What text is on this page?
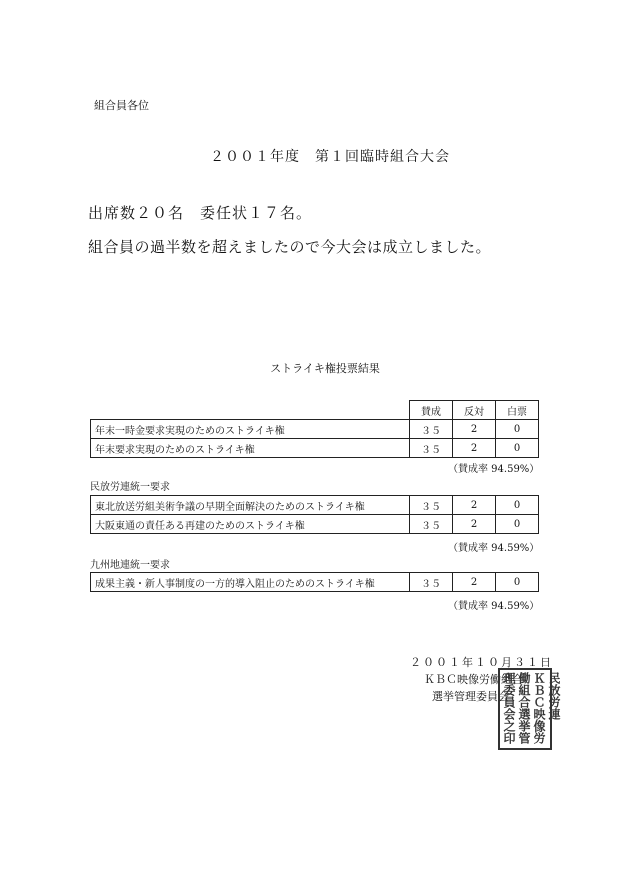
組合員各位
２００１年度　第１回臨時組合大会
出席数２０名　委任状１７名。
組合員の過半数を超えましたので今大会は成立しました。
ストライキ権投票結果
	賛成	反対	白票
年末一時金要求実現のためのストライキ権	３５	2	0
年末要求実現のためのストライキ権	３５	2	0
（賛成率 94.59%）
民放労連統一要求
東北放送労組美術争議の早期全面解決のためのストライキ権	３５	2	0
大阪東通の責任ある再建のためのストライキ権	３５	2	0
（賛成率 94.59%）
九州地連統一要求
成果主義・新人事制度の一方的導入阻止のためのストライキ権	３５	2	0
（賛成率 94.59%）
２００１年１０月３１日
ＫＢＣ映像労働組合
選挙管理委員会	民放労連
ＫＢＣ映像労
働組合選挙管
理委員会之印
